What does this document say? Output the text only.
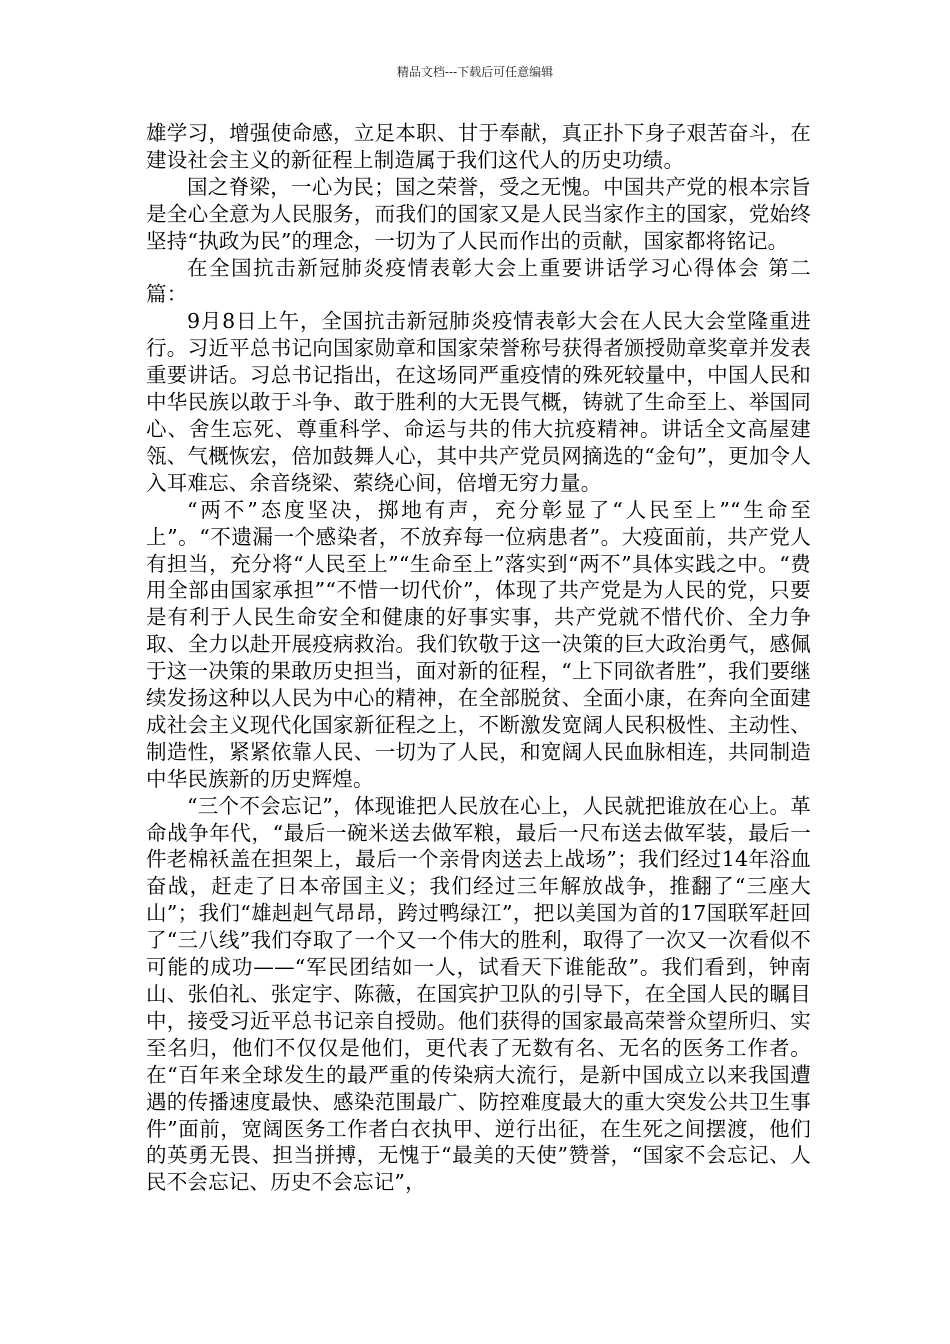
精品文档---下载后可任意编辑

雄学习，增强使命感，立足本职、甘于奉献，真正扑下身子艰苦奋斗，在建设社会主义的新征程上制造属于我们这代人的历史功绩。

国之脊梁，一心为民；国之荣誉，受之无愧。中国共产党的根本宗旨是全心全意为人民服务，而我们的国家又是人民当家作主的国家，党始终坚持“执政为民”的理念，一切为了人民而作出的贡献，国家都将铭记。

在全国抗击新冠肺炎疫情表彰大会上重要讲话学习心得体会 第二篇：

9月8日上午，全国抗击新冠肺炎疫情表彰大会在人民大会堂隆重进行。习近平总书记向国家勋章和国家荣誉称号获得者颁授勋章奖章并发表重要讲话。习总书记指出，在这场同严重疫情的殊死较量中，中国人民和中华民族以敢于斗争、敢于胜利的大无畏气概，铸就了生命至上、举国同心、舍生忘死、尊重科学、命运与共的伟大抗疫精神。讲话全文高屋建瓴、气概恢宏，倍加鼓舞人心，其中共产党员网摘选的“金句”，更加令人入耳难忘、余音绕梁、萦绕心间，倍增无穷力量。

“两不”态度坚决，掷地有声，充分彰显了“人民至上”“生命至上”。“不遗漏一个感染者，不放弃每一位病患者”。大疫面前，共产党人有担当，充分将“人民至上”“生命至上”落实到“两不”具体实践之中。“费用全部由国家承担”“不惜一切代价”，体现了共产党是为人民的党，只要是有利于人民生命安全和健康的好事实事，共产党就不惜代价、全力争取、全力以赴开展疫病救治。我们钦敬于这一决策的巨大政治勇气，感佩于这一决策的果敢历史担当，面对新的征程，“上下同欲者胜”，我们要继续发扬这种以人民为中心的精神，在全部脱贫、全面小康，在奔向全面建成社会主义现代化国家新征程之上，不断激发宽阔人民积极性、主动性、制造性，紧紧依靠人民、一切为了人民，和宽阔人民血脉相连，共同制造中华民族新的历史辉煌。

“三个不会忘记”，体现谁把人民放在心上，人民就把谁放在心上。革命战争年代，“最后一碗米送去做军粮，最后一尺布送去做军装，最后一件老棉袄盖在担架上，最后一个亲骨肉送去上战场”；我们经过14年浴血奋战，赶走了日本帝国主义；我们经过三年解放战争，推翻了“三座大山”；我们“雄赳赳气昂昂，跨过鸭绿江”，把以美国为首的17国联军赶回了“三八线”我们夺取了一个又一个伟大的胜利，取得了一次又一次看似不可能的成功——“军民团结如一人，试看天下谁能敌”。我们看到，钟南山、张伯礼、张定宇、陈薇，在国宾护卫队的引导下，在全国人民的瞩目中，接受习近平总书记亲自授勋。他们获得的国家最高荣誉众望所归、实至名归，他们不仅仅是他们，更代表了无数有名、无名的医务工作者。在“百年来全球发生的最严重的传染病大流行，是新中国成立以来我国遭遇的传播速度最快、感染范围最广、防控难度最大的重大突发公共卫生事件”面前，宽阔医务工作者白衣执甲、逆行出征，在生死之间摆渡，他们的英勇无畏、担当拼搏，无愧于“最美的天使”赞誉，“国家不会忘记、人民不会忘记、历史不会忘记”，
